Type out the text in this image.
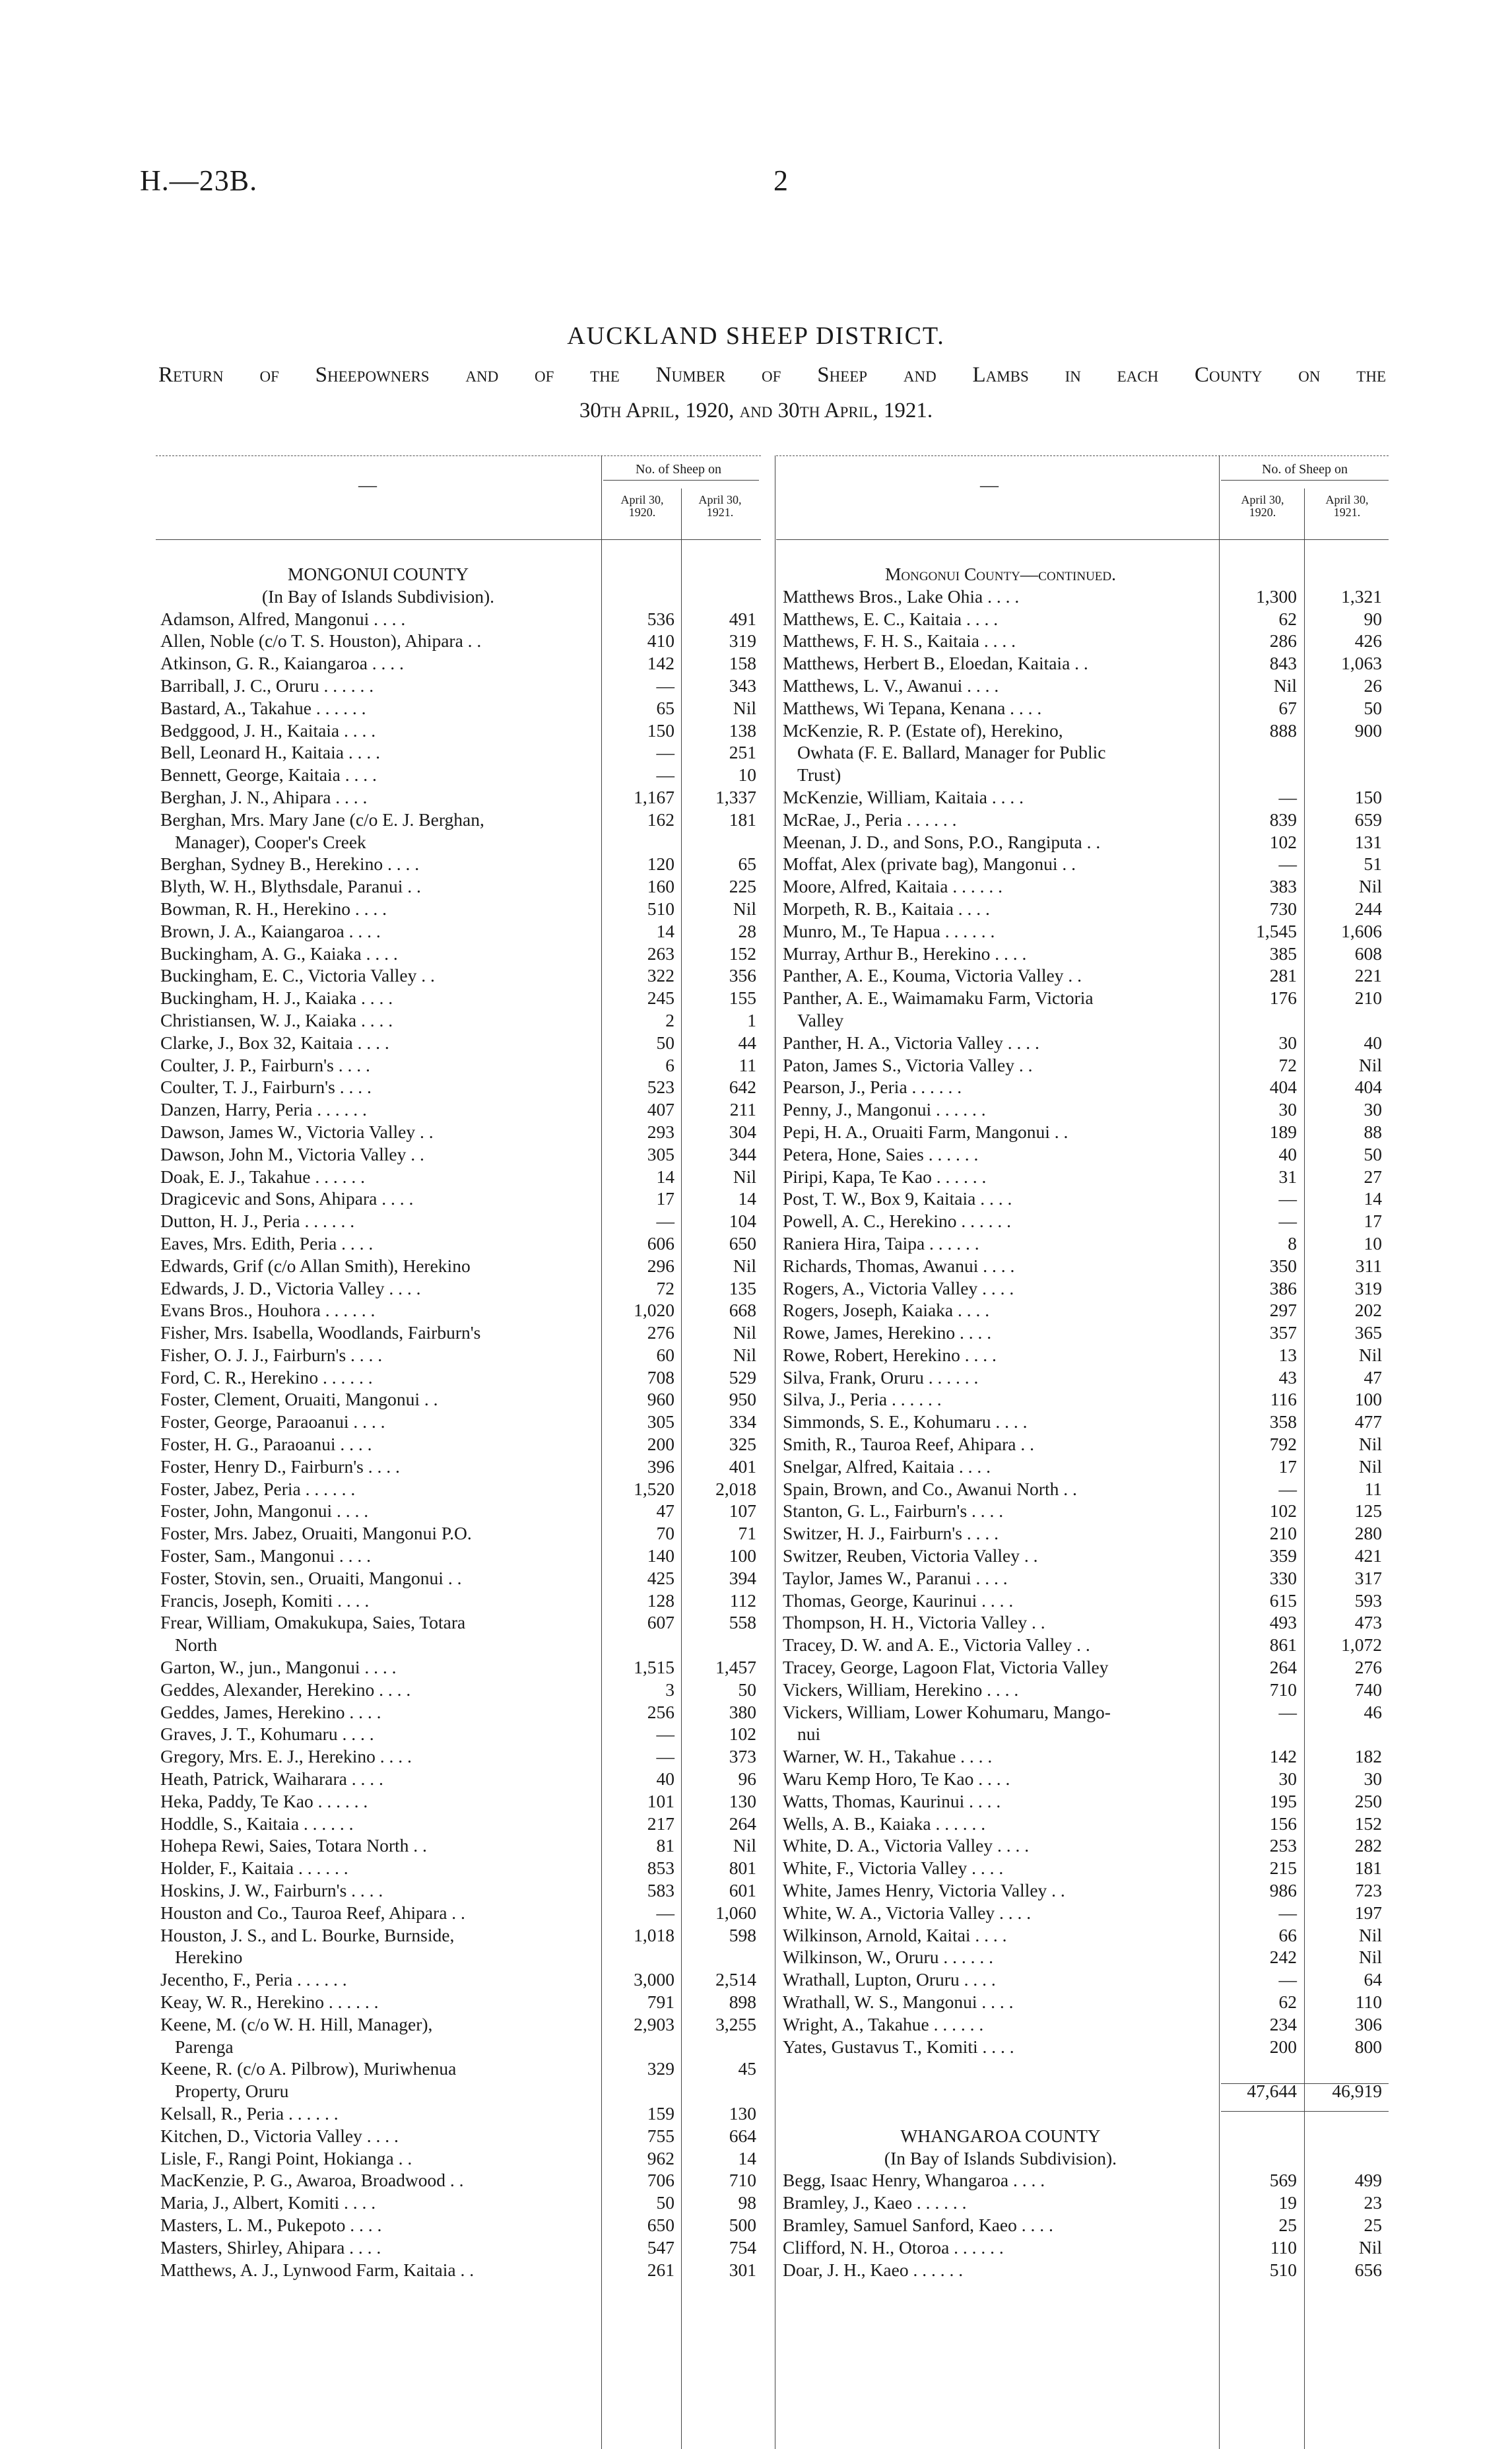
H.—23B.	2
AUCKLAND SHEEP DISTRICT.
Return of Sheepowners and of the Number of Sheep and Lambs in each County on the
30th April, 1920, and 30th April, 1921.
—
No. of Sheep on
April 30,
1920.
April 30,
1921.
—
No. of Sheep on
April 30,
1920.
April 30,
1921.
MONGONUI COUNTY
(In Bay of Islands Subdivision).
Adamson, Alfred, Mangonui . . . .	536	491
Allen, Noble (c/o T. S. Houston), Ahipara . .	410	319
Atkinson, G. R., Kaiangaroa . . . .	142	158
Barriball, J. C., Oruru . . . . . .	—	343
Bastard, A., Takahue . . . . . .	65	Nil
Bedggood, J. H., Kaitaia . . . .	150	138
Bell, Leonard H., Kaitaia . . . .	—	251
Bennett, George, Kaitaia . . . .	—	10
Berghan, J. N., Ahipara . . . .	1,167 1,337
Berghan, Mrs. Mary Jane (c/o E. J. Berghan,	162	181
Manager), Cooper's Creek
Berghan, Sydney B., Herekino . . . .	120	65
Blyth, W. H., Blythsdale, Paranui . .	160	225
Bowman, R. H., Herekino . . . .	510	Nil
Brown, J. A., Kaiangaroa . . . .	14	28
Buckingham, A. G., Kaiaka . . . .	263	152
Buckingham, E. C., Victoria Valley . .	322	356
Buckingham, H. J., Kaiaka . . . .	245	155
Christiansen, W. J., Kaiaka . . . .	2	1
Clarke, J., Box 32, Kaitaia . . . .	50	44
Coulter, J. P., Fairburn's . . . .	6	11
Coulter, T. J., Fairburn's . . . .	523	642
Danzen, Harry, Peria . . . . . .	407	211
Dawson, James W., Victoria Valley . .	293	304
Dawson, John M., Victoria Valley . .	305	344
Doak, E. J., Takahue . . . . . .	14	Nil
Dragicevic and Sons, Ahipara . . . .	17	14
Dutton, H. J., Peria . . . . . .	—	104
Eaves, Mrs. Edith, Peria . . . .	606	650
Edwards, Grif (c/o Allan Smith), Herekino	296	Nil
Edwards, J. D., Victoria Valley . . . .	72	135
Evans Bros., Houhora . . . . . .	1,020	668
Fisher, Mrs. Isabella, Woodlands, Fairburn's	276	Nil
Fisher, O. J. J., Fairburn's . . . .	60	Nil
Ford, C. R., Herekino . . . . . .	708	529
Foster, Clement, Oruaiti, Mangonui . .	960	950
Foster, George, Paraoanui . . . .	305	334
Foster, H. G., Paraoanui . . . .	200	325
Foster, Henry D., Fairburn's . . . .	396	401
Foster, Jabez, Peria . . . . . .	1,520 2,018
Foster, John, Mangonui . . . .	47	107
Foster, Mrs. Jabez, Oruaiti, Mangonui P.O.	70	71
Foster, Sam., Mangonui . . . .	140	100
Foster, Stovin, sen., Oruaiti, Mangonui . .	425	394
Francis, Joseph, Komiti . . . .	128	112
Frear, William, Omakukupa, Saies, Totara	607	558
North
Garton, W., jun., Mangonui . . . .	1,515 1,457
Geddes, Alexander, Herekino . . . .	3	50
Geddes, James, Herekino . . . .	256	380
Graves, J. T., Kohumaru . . . .	—	102
Gregory, Mrs. E. J., Herekino . . . .	—	373
Heath, Patrick, Waiharara . . . .	40	96
Heka, Paddy, Te Kao . . . . . .	101	130
Hoddle, S., Kaitaia . . . . . .	217	264
Hohepa Rewi, Saies, Totara North . .	81	Nil
Holder, F., Kaitaia . . . . . .	853	801
Hoskins, J. W., Fairburn's . . . .	583	601
Houston and Co., Tauroa Reef, Ahipara . .	— 1,060
Houston, J. S., and L. Bourke, Burnside,	1,018	598
Herekino
Jecentho, F., Peria . . . . . .	3,000 2,514
Keay, W. R., Herekino . . . . . .	791	898
Keene, M. (c/o W. H. Hill, Manager),	2,903 3,255
Parenga
Keene, R. (c/o A. Pilbrow), Muriwhenua	329	45
Property, Oruru
Kelsall, R., Peria . . . . . .	159	130
Kitchen, D., Victoria Valley . . . .	755	664
Lisle, F., Rangi Point, Hokianga . .	962	14
MacKenzie, P. G., Awaroa, Broadwood . .	706	710
Maria, J., Albert, Komiti . . . .	50	98
Masters, L. M., Pukepoto . . . .	650	500
Masters, Shirley, Ahipara . . . .	547	754
Matthews, A. J., Lynwood Farm, Kaitaia . .	261	301
Mongonui County—continued.
Matthews Bros., Lake Ohia . . . .	1,300 1,321
Matthews, E. C., Kaitaia . . . .	62	90
Matthews, F. H. S., Kaitaia . . . .	286	426
Matthews, Herbert B., Eloedan, Kaitaia . .	843 1,063
Matthews, L. V., Awanui . . . .	Nil	26
Matthews, Wi Tepana, Kenana . . . .	67	50
McKenzie, R. P. (Estate of), Herekino,	888	900
Owhata (F. E. Ballard, Manager for Public
Trust)
McKenzie, William, Kaitaia . . . .	—	150
McRae, J., Peria . . . . . .	839	659
Meenan, J. D., and Sons, P.O., Rangiputa . .	102	131
Moffat, Alex (private bag), Mangonui . .	—	51
Moore, Alfred, Kaitaia . . . . . .	383	Nil
Morpeth, R. B., Kaitaia . . . .	730	244
Munro, M., Te Hapua . . . . . .	1,545 1,606
Murray, Arthur B., Herekino . . . .	385	608
Panther, A. E., Kouma, Victoria Valley . .	281	221
Panther, A. E., Waimamaku Farm, Victoria	176	210
Valley
Panther, H. A., Victoria Valley . . . .	30	40
Paton, James S., Victoria Valley . .	72	Nil
Pearson, J., Peria . . . . . .	404	404
Penny, J., Mangonui . . . . . .	30	30
Pepi, H. A., Oruaiti Farm, Mangonui . .	189	88
Petera, Hone, Saies . . . . . .	40	50
Piripi, Kapa, Te Kao . . . . . .	31	27
Post, T. W., Box 9, Kaitaia . . . .	—	14
Powell, A. C., Herekino . . . . . .	—	17
Raniera Hira, Taipa . . . . . .	8	10
Richards, Thomas, Awanui . . . .	350	311
Rogers, A., Victoria Valley . . . .	386	319
Rogers, Joseph, Kaiaka . . . .	297	202
Rowe, James, Herekino . . . .	357	365
Rowe, Robert, Herekino . . . .	13	Nil
Silva, Frank, Oruru . . . . . .	43	47
Silva, J., Peria . . . . . .	116	100
Simmonds, S. E., Kohumaru . . . .	358	477
Smith, R., Tauroa Reef, Ahipara . .	792	Nil
Snelgar, Alfred, Kaitaia . . . .	17	Nil
Spain, Brown, and Co., Awanui North . .	—	11
Stanton, G. L., Fairburn's . . . .	102	125
Switzer, H. J., Fairburn's . . . .	210	280
Switzer, Reuben, Victoria Valley . .	359	421
Taylor, James W., Paranui . . . .	330	317
Thomas, George, Kaurinui . . . .	615	593
Thompson, H. H., Victoria Valley . .	493	473
Tracey, D. W. and A. E., Victoria Valley . .	861 1,072
Tracey, George, Lagoon Flat, Victoria Valley	264	276
Vickers, William, Herekino . . . .	710	740
Vickers, William, Lower Kohumaru, Mango-	—	46
nui
Warner, W. H., Takahue . . . .	142	182
Waru Kemp Horo, Te Kao . . . .	30	30
Watts, Thomas, Kaurinui . . . .	195	250
Wells, A. B., Kaiaka . . . . . .	156	152
White, D. A., Victoria Valley . . . .	253	282
White, F., Victoria Valley . . . .	215	181
White, James Henry, Victoria Valley . .	986	723
White, W. A., Victoria Valley . . . .	—	197
Wilkinson, Arnold, Kaitai . . . .	66	Nil
Wilkinson, W., Oruru . . . . . .	242	Nil
Wrathall, Lupton, Oruru . . . .	—	64
Wrathall, W. S., Mangonui . . . .	62	110
Wright, A., Takahue . . . . . .	234	306
Yates, Gustavus T., Komiti . . . .	200	800
47,644 46,919
WHANGAROA COUNTY
(In Bay of Islands Subdivision).
Begg, Isaac Henry, Whangaroa . . . .	569	499
Bramley, J., Kaeo . . . . . .	19	23
Bramley, Samuel Sanford, Kaeo . . . .	25	25
Clifford, N. H., Otoroa . . . . . .	110	Nil
Doar, J. H., Kaeo . . . . . .	510	656
